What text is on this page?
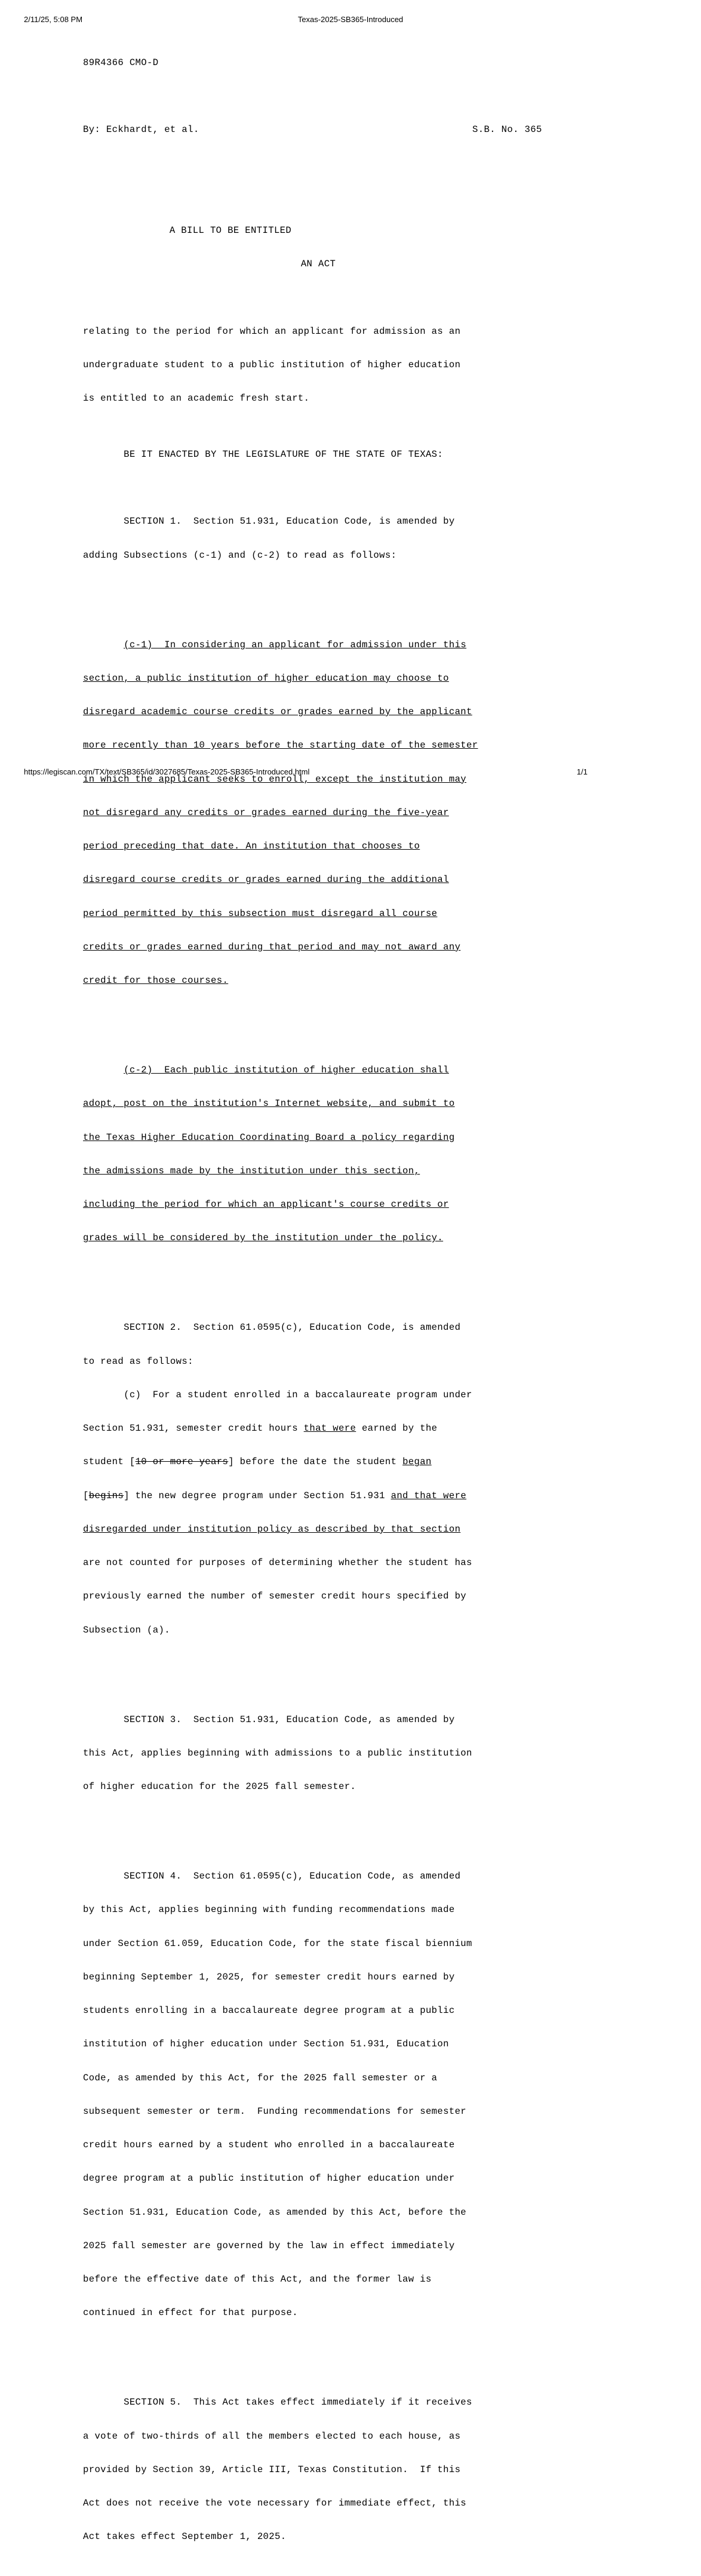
2/11/25, 5:08 PM	Texas-2025-SB365-Introduced

89R4366 CMO-D

By: Eckhardt, et al.	S.B. No. 365

A BILL TO BE ENTITLED

AN ACT

relating to the period for which an applicant for admission as an

undergraduate student to a public institution of higher education

is entitled to an academic fresh start.

BE IT ENACTED BY THE LEGISLATURE OF THE STATE OF TEXAS:

SECTION 1.  Section 51.931, Education Code, is amended by

adding Subsections (c-1) and (c-2) to read as follows:

(c-1)  In considering an applicant for admission under this

section, a public institution of higher education may choose to

disregard academic course credits or grades earned by the applicant

more recently than 10 years before the starting date of the semester

in which the applicant seeks to enroll, except the institution may

not disregard any credits or grades earned during the five-year

period preceding that date. An institution that chooses to

disregard course credits or grades earned during the additional

period permitted by this subsection must disregard all course

credits or grades earned during that period and may not award any

credit for those courses.

(c-2)  Each public institution of higher education shall

adopt, post on the institution's Internet website, and submit to

the Texas Higher Education Coordinating Board a policy regarding

the admissions made by the institution under this section,

including the period for which an applicant's course credits or

grades will be considered by the institution under the policy.

SECTION 2.  Section 61.0595(c), Education Code, is amended

to read as follows:

(c)  For a student enrolled in a baccalaureate program under

Section 51.931, semester credit hours that were earned by the

student [10 or more years] before the date the student began

[begins] the new degree program under Section 51.931 and that were

disregarded under institution policy as described by that section

are not counted for purposes of determining whether the student has

previously earned the number of semester credit hours specified by

Subsection (a).

SECTION 3.  Section 51.931, Education Code, as amended by

this Act, applies beginning with admissions to a public institution

of higher education for the 2025 fall semester.

SECTION 4.  Section 61.0595(c), Education Code, as amended

by this Act, applies beginning with funding recommendations made

under Section 61.059, Education Code, for the state fiscal biennium

beginning September 1, 2025, for semester credit hours earned by

students enrolling in a baccalaureate degree program at a public

institution of higher education under Section 51.931, Education

Code, as amended by this Act, for the 2025 fall semester or a

subsequent semester or term.  Funding recommendations for semester

credit hours earned by a student who enrolled in a baccalaureate

degree program at a public institution of higher education under

Section 51.931, Education Code, as amended by this Act, before the

2025 fall semester are governed by the law in effect immediately

before the effective date of this Act, and the former law is

continued in effect for that purpose.

SECTION 5.  This Act takes effect immediately if it receives

a vote of two-thirds of all the members elected to each house, as

provided by Section 39, Article III, Texas Constitution.  If this

Act does not receive the vote necessary for immediate effect, this

Act takes effect September 1, 2025.

https://legiscan.com/TX/text/SB365/id/3027685/Texas-2025-SB365-Introduced.html	1/1
